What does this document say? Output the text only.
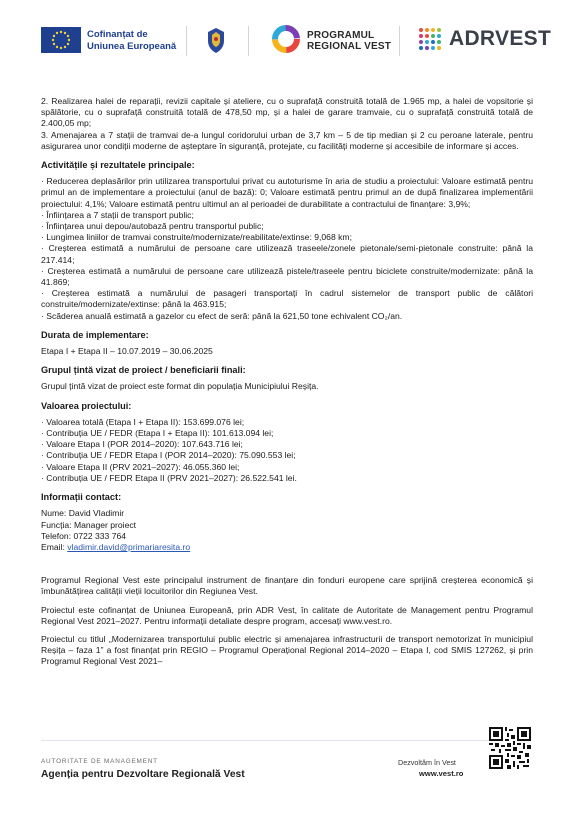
Cofinanțat de
Uniunea Europeană
PROGRAMUL
REGIONAL VEST	ADRVEST

2. Realizarea halei de reparații, revizii capitale și ateliere, cu o suprafață construită totală de 1.965 mp, a halei de vopsitorie și spălătorie, cu o suprafață construită totală de 478,50 mp, și a halei de garare tramvaie, cu o suprafață construită totală de 2.400,05 mp;

3. Amenajarea a 7 stații de tramvai de-a lungul coridorului urban de 3,7 km – 5 de tip median și 2 cu peroane laterale, pentru asigurarea unor condiții moderne de așteptare în siguranță, protejate, cu facilități moderne și accesibile de informare și acces.

Activitățile și rezultatele principale:

· Reducerea deplasărilor prin utilizarea transportului privat cu autoturisme în aria de studiu a proiectului: Valoare estimată pentru primul an de implementare a proiectului (anul de bază): 0; Valoare estimată pentru primul an de după finalizarea implementării proiectului: 4,1%; Valoare estimată pentru ultimul an al perioadei de durabilitate a contractului de finanțare: 3,9%;

· Înființarea a 7 stații de transport public;

· Înființarea unui depou/autobază pentru transportul public;

· Lungimea liniilor de tramvai construite/modernizate/reabilitate/extinse: 9,068 km;

· Creșterea estimată a numărului de persoane care utilizează traseele/zonele pietonale/semi-pietonale construite: până la 217.414;

· Creșterea estimată a numărului de persoane care utilizează pistele/traseele pentru biciclete construite/modernizate: până la 41.869;

· Creșterea estimată a numărului de pasageri transportați în cadrul sistemelor de transport public de călători construite/modernizate/extinse: până la 463.915;

· Scăderea anuală estimată a gazelor cu efect de seră: până la 621,50 tone echivalent CO₂/an.

Durata de implementare:

Etapa I + Etapa II – 10.07.2019 – 30.06.2025

Grupul țintă vizat de proiect / beneficiarii finali:

Grupul țintă vizat de proiect este format din populația Municipiului Reșița.

Valoarea proiectului:

· Valoarea totală (Etapa I + Etapa II): 153.699.076 lei;

· Contribuția UE / FEDR (Etapa I + Etapa II): 101.613.094 lei;

· Valoare Etapa I (POR 2014–2020): 107.643.716 lei;

· Contribuția UE / FEDR Etapa I (POR 2014–2020): 75.090.553 lei;

· Valoare Etapa II (PRV 2021–2027): 46.055.360 lei;

· Contribuția UE / FEDR Etapa II (PRV 2021–2027): 26.522.541 lei.

Informații contact:

Nume: David Vladimir

Funcția: Manager proiect

Telefon: 0722 333 764

Email: vladimir.david@primariaresita.ro

Programul Regional Vest este principalul instrument de finanțare din fonduri europene care sprijină creșterea economică și îmbunătățirea calității vieții locuitorilor din Regiunea Vest.

Proiectul este cofinanțat de Uniunea Europeană, prin ADR Vest, în calitate de Autoritate de Management pentru Programul Regional Vest 2021–2027. Pentru informații detaliate despre program, accesați www.vest.ro.

Proiectul cu titlul „Modernizarea transportului public electric și amenajarea infrastructurii de transport nemotorizat în municipiul Reșița – faza 1” a fost finanțat prin REGIO – Programul Operațional Regional 2014–2020 – Etapa I, cod SMIS 127262, și prin Programul Regional Vest 2021–

AUTORITATE DE MANAGEMENT
Agenția pentru Dezvoltare Regională Vest
Dezvoltăm în Vest
www.vest.ro
